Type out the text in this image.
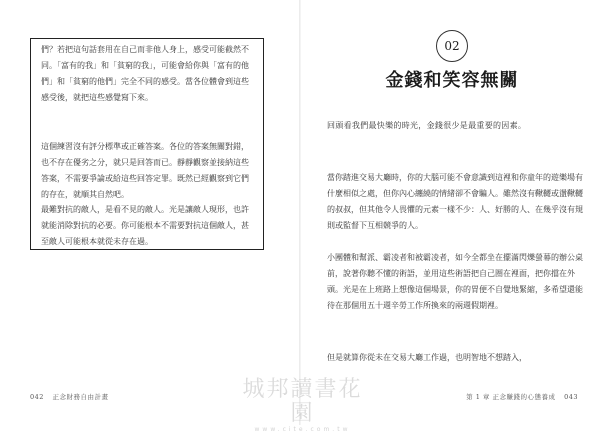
們？若把這句話套用在自己而非他人身上，感受可能截然不同。「富有的我」和「貧窮的我」，可能會給你與「富有的他們」和「貧窮的他們」完全不同的感受。當各位體會到這些感受後，就把這些感覺寫下來。

這個練習沒有評分標準或正確答案。各位的答案無關對錯，也不存在優劣之分，就只是回答而已。靜靜觀察並接納這些答案，不需要爭論或給這些回答定罪。既然已經觀察到它們的存在，就順其自然吧。

最難對抗的敵人，是看不見的敵人。光是讓敵人現形，也許就能消除對抗的必要。你可能根本不需要對抗這個敵人，甚至敵人可能根本就從未存在過。

042 正念財務自由計畫
02
金錢和笑容無關
回頭看我們最快樂的時光，金錢很少是最重要的因素。

當你踏進交易大廳時，你的大腦可能不會意識到這裡和你童年的遊樂場有什麼相似之處，但你內心纏繞的情緒卻不會騙人。雖然沒有鞦韆或盪鞦韆的叔叔，但其他令人畏懼的元素一樣不少：人、好勝的人、在幾乎沒有規則或監督下互相競爭的人。

小團體和幫派、霸凌者和被霸凌者，如今全都坐在擺滿閃爍螢幕的辦公桌前，說著你聽不懂的術語，並用這些術語把自己圈在裡面，把你擋在外頭。光是在上班路上想像這個場景，你的胃便不自覺地緊縮，多希望還能待在那個用五十週辛勞工作所換來的兩週假期裡。

但是就算你從未在交易大廳工作過，也明智地不想踏入，

第 1 章 正念賺錢的心態養成 043
城邦讀書花園
www.cite.com.tw
